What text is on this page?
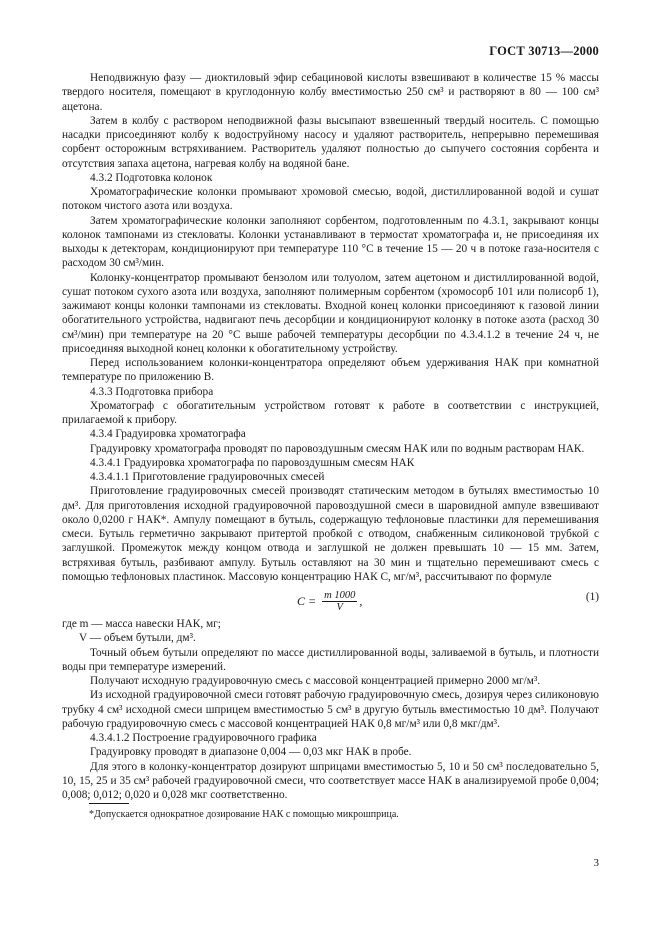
ГОСТ 30713—2000

Неподвижную фазу — диоктиловый эфир себациновой кислоты взвешивают в количестве 15 % массы твердого носителя, помещают в круглодонную колбу вместимостью 250 см³ и растворяют в 80 — 100 см³ ацетона.

Затем в колбу с раствором неподвижной фазы высыпают взвешенный твердый носитель. С помощью насадки присоединяют колбу к водоструйному насосу и удаляют растворитель, непрерывно перемешивая сорбент осторожным встряхиванием. Растворитель удаляют полностью до сыпучего состояния сорбента и отсутствия запаха ацетона, нагревая колбу на водяной бане.

4.3.2 Подготовка колонок

Хроматографические колонки промывают хромовой смесью, водой, дистиллированной водой и сушат потоком чистого азота или воздуха.

Затем хроматографические колонки заполняют сорбентом, подготовленным по 4.3.1, закрывают концы колонок тампонами из стекловаты. Колонки устанавливают в термостат хроматографа и, не присоединяя их выходы к детекторам, кондиционируют при температуре 110 °С в течение 15 — 20 ч в потоке газа-носителя с расходом 30 см³/мин.

Колонку-концентратор промывают бензолом или толуолом, затем ацетоном и дистиллированной водой, сушат потоком сухого азота или воздуха, заполняют полимерным сорбентом (хромосорб 101 или полисорб 1), зажимают концы колонки тампонами из стекловаты. Входной конец колонки присоединяют к газовой линии обогатительного устройства, надвигают печь десорбции и кондиционируют колонку в потоке азота (расход 30 см³/мин) при температуре на 20 °С выше рабочей температуры десорбции по 4.3.4.1.2 в течение 24 ч, не присоединяя выходной конец колонки к обогатительному устройству.

Перед использованием колонки-концентратора определяют объем удерживания НАК при комнатной температуре по приложению В.

4.3.3 Подготовка прибора

Хроматограф с обогатительным устройством готовят к работе в соответствии с инструкцией, прилагаемой к прибору.

4.3.4 Градуировка хроматографа

Градуировку хроматографа проводят по паровоздушным смесям НАК или по водным растворам НАК.

4.3.4.1 Градуировка хроматографа по паровоздушным смесям НАК

4.3.4.1.1 Приготовление градуировочных смесей

Приготовление градуировочных смесей производят статическим методом в бутылях вместимостью 10 дм³. Для приготовления исходной градуировочной паровоздушной смеси в шаровидной ампуле взвешивают около 0,0200 г НАК*. Ампулу помещают в бутыль, содержащую тефлоновые пластинки для перемешивания смеси. Бутыль герметично закрывают притертой пробкой с отводом, снабженным силиконовой трубкой с заглушкой. Промежуток между концом отвода и заглушкой не должен превышать 10 — 15 мм. Затем, встряхивая бутыль, разбивают ампулу. Бутыль оставляют на 30 мин и тщательно перемешивают смесь с помощью тефлоновых пластинок. Массовую концентрацию НАК С, мг/м³, рассчитывают по формуле

$C = \frac{m 1000}{V}$ ,	(1)

где m — масса навески НАК, мг;

V — объем бутыли, дм³.

Точный объем бутыли определяют по массе дистиллированной воды, заливаемой в бутыль, и плотности воды при температуре измерений.

Получают исходную градуировочную смесь с массовой концентрацией примерно 2000 мг/м³.

Из исходной градуировочной смеси готовят рабочую градуировочную смесь, дозируя через силиконовую трубку 4 см³ исходной смеси шприцем вместимостью 5 см³ в другую бутыль вместимостью 10 дм³. Получают рабочую градуировочную смесь с массовой концентрацией НАК 0,8 мг/м³ или 0,8 мкг/дм³.

4.3.4.1.2 Построение градуировочного графика

Градуировку проводят в диапазоне 0,004 — 0,03 мкг НАК в пробе.

Для этого в колонку-концентратор дозируют шприцами вместимостью 5, 10 и 50 см³ последовательно 5, 10, 15, 25 и 35 см³ рабочей градуировочной смеси, что соответствует массе НАК в анализируемой пробе 0,004; 0,008; 0,012; 0,020 и 0,028 мкг соответственно.

*Допускается однократное дозирование НАК с помощью микрошприца.
3
